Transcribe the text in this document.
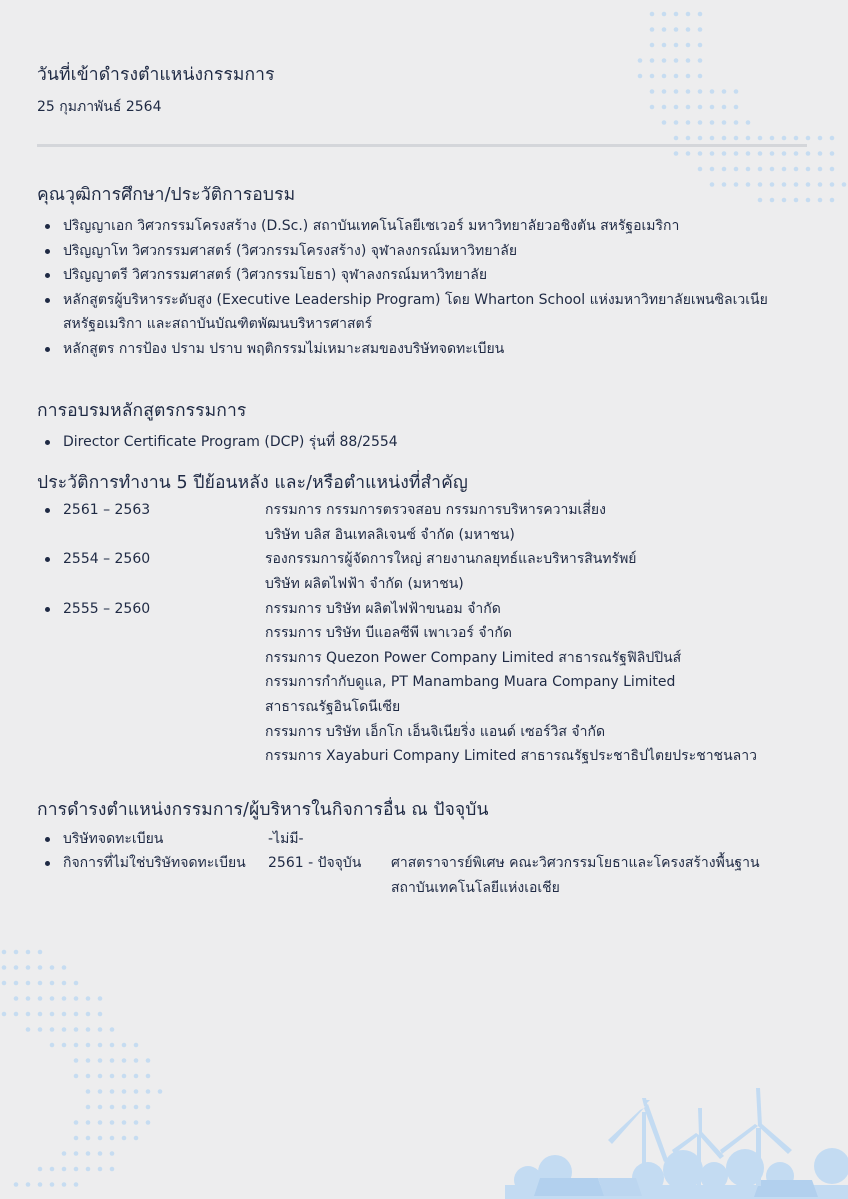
วันที่เข้าดำรงตำแหน่งกรรมการ
25 กุมภาพันธ์ 2564
คุณวุฒิการศึกษา/ประวัติการอบรม
ปริญญาเอก วิศวกรรมโครงสร้าง (D.Sc.) สถาบันเทคโนโลยีเซเวอร์ มหาวิทยาลัยวอชิงตัน สหรัฐอเมริกา
ปริญญาโท วิศวกรรมศาสตร์ (วิศวกรรมโครงสร้าง) จุฬาลงกรณ์มหาวิทยาลัย
ปริญญาตรี วิศวกรรมศาสตร์ (วิศวกรรมโยธา) จุฬาลงกรณ์มหาวิทยาลัย
หลักสูตรผู้บริหารระดับสูง (Executive Leadership Program) โดย Wharton School แห่งมหาวิทยาลัยเพนซิลเวเนีย สหรัฐอเมริกา และสถาบันบัณฑิตพัฒนบริหารศาสตร์
หลักสูตร การป้อง ปราม ปราบ พฤติกรรมไม่เหมาะสมของบริษัทจดทะเบียน
การอบรมหลักสูตรกรรมการ
Director Certificate Program (DCP) รุ่นที่ 88/2554
ประวัติการทำงาน 5 ปีย้อนหลัง และ/หรือตำแหน่งที่สำคัญ
2561 – 2563	กรรมการ กรรมการตรวจสอบ กรรมการบริหารความเสี่ยง
บริษัท บลิส อินเทลลิเจนซ์ จำกัด (มหาชน)
2554 – 2560	รองกรรมการผู้จัดการใหญ่ สายงานกลยุทธ์และบริหารสินทรัพย์
บริษัท ผลิตไฟฟ้า จำกัด (มหาชน)
2555 – 2560	กรรมการ บริษัท ผลิตไฟฟ้าขนอม จำกัด
กรรมการ บริษัท บีแอลซีพี เพาเวอร์ จำกัด
กรรมการ Quezon Power Company Limited สาธารณรัฐฟิลิปปินส์
กรรมการกำกับดูแล, PT Manambang Muara Company Limited
สาธารณรัฐอินโดนีเซีย
กรรมการ บริษัท เอ็กโก เอ็นจิเนียริ่ง แอนด์ เซอร์วิส จำกัด
กรรมการ Xayaburi Company Limited สาธารณรัฐประชาธิปไตยประชาชนลาว
การดำรงตำแหน่งกรรมการ/ผู้บริหารในกิจการอื่น ณ ปัจจุบัน
บริษัทจดทะเบียน	-ไม่มี-
กิจการที่ไม่ใช่บริษัทจดทะเบียน	2561 - ปัจจุบัน	ศาสตราจารย์พิเศษ คณะวิศวกรรมโยธาและโครงสร้างพื้นฐาน
สถาบันเทคโนโลยีแห่งเอเชีย
